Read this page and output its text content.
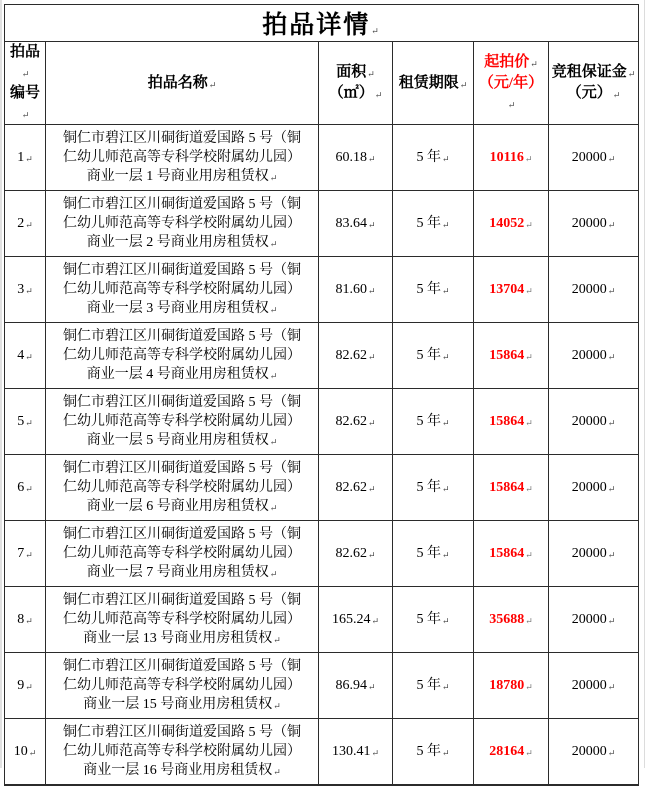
拍品详情↵					
拍品↵
编号↵	拍品名称↵	面积↵
（㎡）↵	租赁期限↵	起拍价↵
（元/年）↵	竞租保证金↵
（元）↵
1↵	铜仁市碧江区川硐街道爱国路 5 号（铜
仁幼儿师范高等专科学校附属幼儿园）
商业一层 1 号商业用房租赁权↵	60.18↵	5 年↵	10116↵	20000↵
2↵	铜仁市碧江区川硐街道爱国路 5 号（铜
仁幼儿师范高等专科学校附属幼儿园）
商业一层 2 号商业用房租赁权↵	83.64↵	5 年↵	14052↵	20000↵
3↵	铜仁市碧江区川硐街道爱国路 5 号（铜
仁幼儿师范高等专科学校附属幼儿园）
商业一层 3 号商业用房租赁权↵	81.60↵	5 年↵	13704↵	20000↵
4↵	铜仁市碧江区川硐街道爱国路 5 号（铜
仁幼儿师范高等专科学校附属幼儿园）
商业一层 4 号商业用房租赁权↵	82.62↵	5 年↵	15864↵	20000↵
5↵	铜仁市碧江区川硐街道爱国路 5 号（铜
仁幼儿师范高等专科学校附属幼儿园）
商业一层 5 号商业用房租赁权↵	82.62↵	5 年↵	15864↵	20000↵
6↵	铜仁市碧江区川硐街道爱国路 5 号（铜
仁幼儿师范高等专科学校附属幼儿园）
商业一层 6 号商业用房租赁权↵	82.62↵	5 年↵	15864↵	20000↵
7↵	铜仁市碧江区川硐街道爱国路 5 号（铜
仁幼儿师范高等专科学校附属幼儿园）
商业一层 7 号商业用房租赁权↵	82.62↵	5 年↵	15864↵	20000↵
8↵	铜仁市碧江区川硐街道爱国路 5 号（铜
仁幼儿师范高等专科学校附属幼儿园）
商业一层 13 号商业用房租赁权↵	165.24↵	5 年↵	35688↵	20000↵
9↵	铜仁市碧江区川硐街道爱国路 5 号（铜
仁幼儿师范高等专科学校附属幼儿园）
商业一层 15 号商业用房租赁权↵	86.94↵	5 年↵	18780↵	20000↵
10↵	铜仁市碧江区川硐街道爱国路 5 号（铜
仁幼儿师范高等专科学校附属幼儿园）
商业一层 16 号商业用房租赁权↵	130.41↵	5 年↵	28164↵	20000↵
